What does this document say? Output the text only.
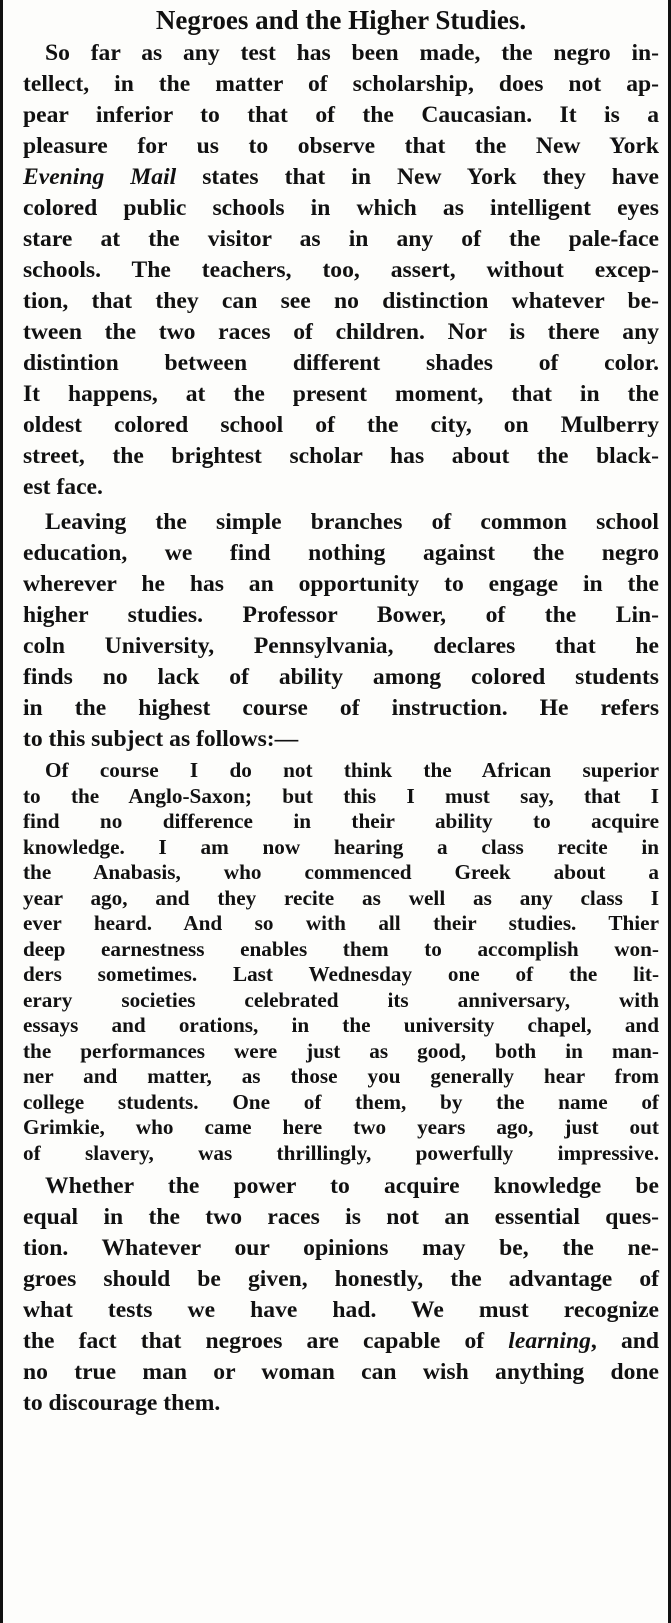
Negroes and the Higher Studies.
So far as any test has been made, the negro in-
tellect, in the matter of scholarship, does not ap-
pear inferior to that of the Caucasian. It is a
pleasure for us to observe that the New York
Evening Mail states that in New York they have
colored public schools in which as intelligent eyes
stare at the visitor as in any of the pale-face
schools. The teachers, too, assert, without excep-
tion, that they can see no distinction whatever be-
tween the two races of children. Nor is there any
distintion between different shades of color.
It happens, at the present moment, that in the
oldest colored school of the city, on Mulberry
street, the brightest scholar has about the black-
est face.
Leaving the simple branches of common school
education, we find nothing against the negro
wherever he has an opportunity to engage in the
higher studies. Professor Bower, of the Lin-
coln University, Pennsylvania, declares that he
finds no lack of ability among colored students
in the highest course of instruction. He refers
to this subject as follows:—
Of course I do not think the African superior
to the Anglo-Saxon; but this I must say, that I
find no difference in their ability to acquire
knowledge. I am now hearing a class recite in
the Anabasis, who commenced Greek about a
year ago, and they recite as well as any class I
ever heard. And so with all their studies. Thier
deep earnestness enables them to accomplish won-
ders sometimes. Last Wednesday one of the lit-
erary societies celebrated its anniversary, with
essays and orations, in the university chapel, and
the performances were just as good, both in man-
ner and matter, as those you generally hear from
college students. One of them, by the name of
Grimkie, who came here two years ago, just out
of slavery, was thrillingly, powerfully impressive.
Whether the power to acquire knowledge be
equal in the two races is not an essential ques-
tion. Whatever our opinions may be, the ne-
groes should be given, honestly, the advantage of
what tests we have had. We must recognize
the fact that negroes are capable of learning, and
no true man or woman can wish anything done
to discourage them.
